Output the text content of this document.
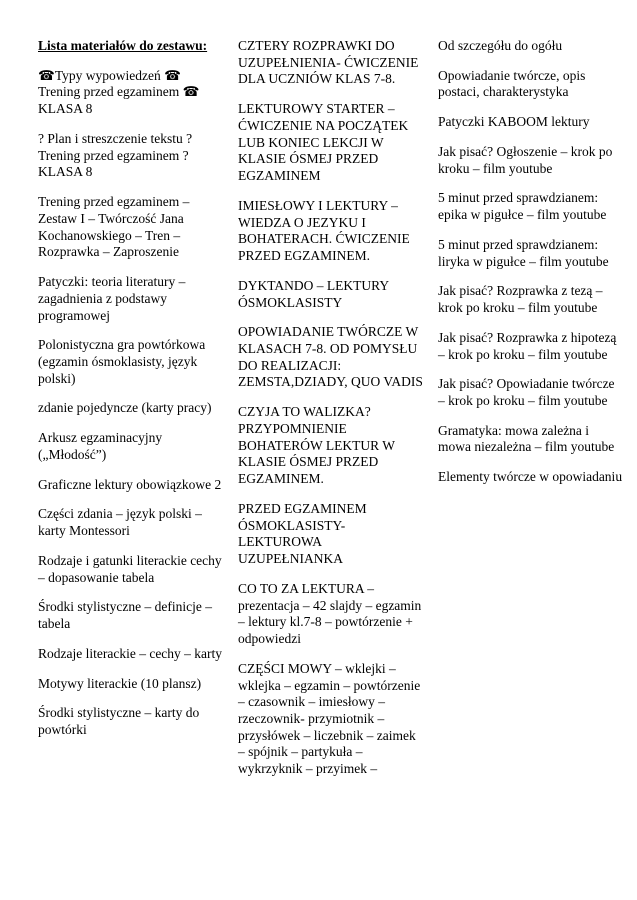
Lista materiałów do zestawu:

☎Typy wypowiedzeń ☎ Trening przed egzaminem ☎ KLASA 8

? Plan i streszczenie tekstu ? Trening przed egzaminem ? KLASA 8

Trening przed egzaminem – Zestaw I – Twórczość Jana Kochanowskiego – Tren – Rozprawka – Zaproszenie

Patyczki: teoria literatury – zagadnienia z podstawy programowej

Polonistyczna gra powtórkowa (egzamin ósmoklasisty, język polski)

zdanie pojedyncze (karty pracy)

Arkusz egzaminacyjny („Młodość”)

Graficzne lektury obowiązkowe 2

Części zdania – język polski – karty Montessori

Rodzaje i gatunki literackie cechy – dopasowanie tabela

Środki stylistyczne – definicje – tabela

Rodzaje literackie – cechy – karty

Motywy literackie (10 plansz)

Środki stylistyczne – karty do powtórki

CZTERY ROZPRAWKI DO UZUPEŁNIENIA- ĆWICZENIE DLA UCZNIÓW KLAS 7-8.

LEKTUROWY STARTER – ĆWICZENIE NA POCZĄTEK LUB KONIEC LEKCJI W KLASIE ÓSMEJ PRZED EGZAMINEM

IMIESŁOWY I LEKTURY – WIEDZA O JEZYKU I BOHATERACH. ĆWICZENIE PRZED EGZAMINEM.

DYKTANDO – LEKTURY ÓSMOKLASISTY

OPOWIADANIE TWÓRCZE W KLASACH 7-8. OD POMYSŁU DO REALIZACJI: ZEMSTA,DZIADY, QUO VADIS

CZYJA TO WALIZKA? PRZYPOMNIENIE BOHATERÓW LEKTUR W KLASIE ÓSMEJ PRZED EGZAMINEM.

PRZED EGZAMINEM ÓSMOKLASISTY- LEKTUROWA UZUPEŁNIANKA

CO TO ZA LEKTURA – prezentacja – 42 slajdy – egzamin – lektury kl.7-8 – powtórzenie + odpowiedzi

CZĘŚCI MOWY – wklejki – wklejka – egzamin – powtórzenie – czasownik – imiesłowy – rzeczownik- przymiotnik – przysłówek – liczebnik – zaimek – spójnik – partykuła – wykrzyknik – przyimek –

Od szczegółu do ogółu

Opowiadanie twórcze, opis postaci, charakterystyka

Patyczki KABOOM lektury

Jak pisać? Ogłoszenie – krok po kroku – film youtube

5 minut przed sprawdzianem: epika w pigułce – film youtube

5 minut przed sprawdzianem: liryka w pigułce – film youtube

Jak pisać? Rozprawka z tezą – krok po kroku – film youtube

Jak pisać? Rozprawka z hipotezą – krok po kroku – film youtube

Jak pisać? Opowiadanie twórcze – krok po kroku – film youtube

Gramatyka: mowa zależna i mowa niezależna – film youtube

Elementy twórcze w opowiadaniu
